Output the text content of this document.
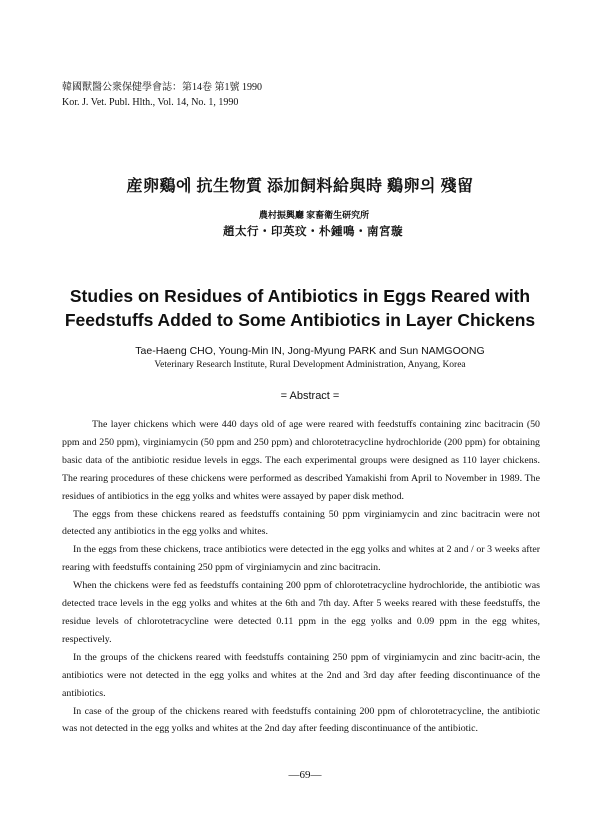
韓國獸醫公衆保健學會誌：第14卷 第1號 1990
Kor. J. Vet. Publ. Hlth., Vol. 14, No. 1, 1990
産卵鷄에 抗生物質 添加飼料給與時 鷄卵의 殘留
農村振興廳 家畜衛生研究所
趙太行・印英玟・朴鍾鳴・南宮璇
Studies on Residues of Antibiotics in Eggs Reared with
Feedstuffs Added to Some Antibiotics in Layer Chickens
Tae-Haeng CHO, Young-Min IN, Jong-Myung PARK and Sun NAMGOONG
Veterinary Research Institute, Rural Development Administration, Anyang, Korea
= Abstract =

The layer chickens which were 440 days old of age were reared with feedstuffs containing zinc bacitracin (50 ppm and 250 ppm), virginiamycin (50 ppm and 250 ppm) and chlorotetracycline hydrochloride (200 ppm) for obtaining basic data of the antibiotic residue levels in eggs. The each experimental groups were designed as 110 layer chickens. The rearing procedures of these chickens were performed as described Yamakishi from April to November in 1989. The residues of antibiotics in the egg yolks and whites were assayed by paper disk method.

The eggs from these chickens reared as feedstuffs containing 50 ppm virginiamycin and zinc bacitracin were not detected any antibiotics in the egg yolks and whites.

In the eggs from these chickens, trace antibiotics were detected in the egg yolks and whites at 2 and / or 3 weeks after rearing with feedstuffs containing 250 ppm of virginiamycin and zinc bacitracin.

When the chickens were fed as feedstuffs containing 200 ppm of chlorotetracycline hydrochloride, the antibiotic was detected trace levels in the egg yolks and whites at the 6th and 7th day. After 5 weeks reared with these feedstuffs, the residue levels of chlorotetracycline were detected 0.11 ppm in the egg yolks and 0.09 ppm in the egg whites, respectively.

In the groups of the chickens reared with feedstuffs containing 250 ppm of virginiamycin and zinc bacitr-acin, the antibiotics were not detected in the egg yolks and whites at the 2nd and 3rd day after feeding discontinuance of the antibiotics.

In case of the group of the chickens reared with feedstuffs containing 200 ppm of chlorotetracycline, the antibiotic was not detected in the egg yolks and whites at the 2nd day after feeding discontinuance of the antibiotic.

—69—
